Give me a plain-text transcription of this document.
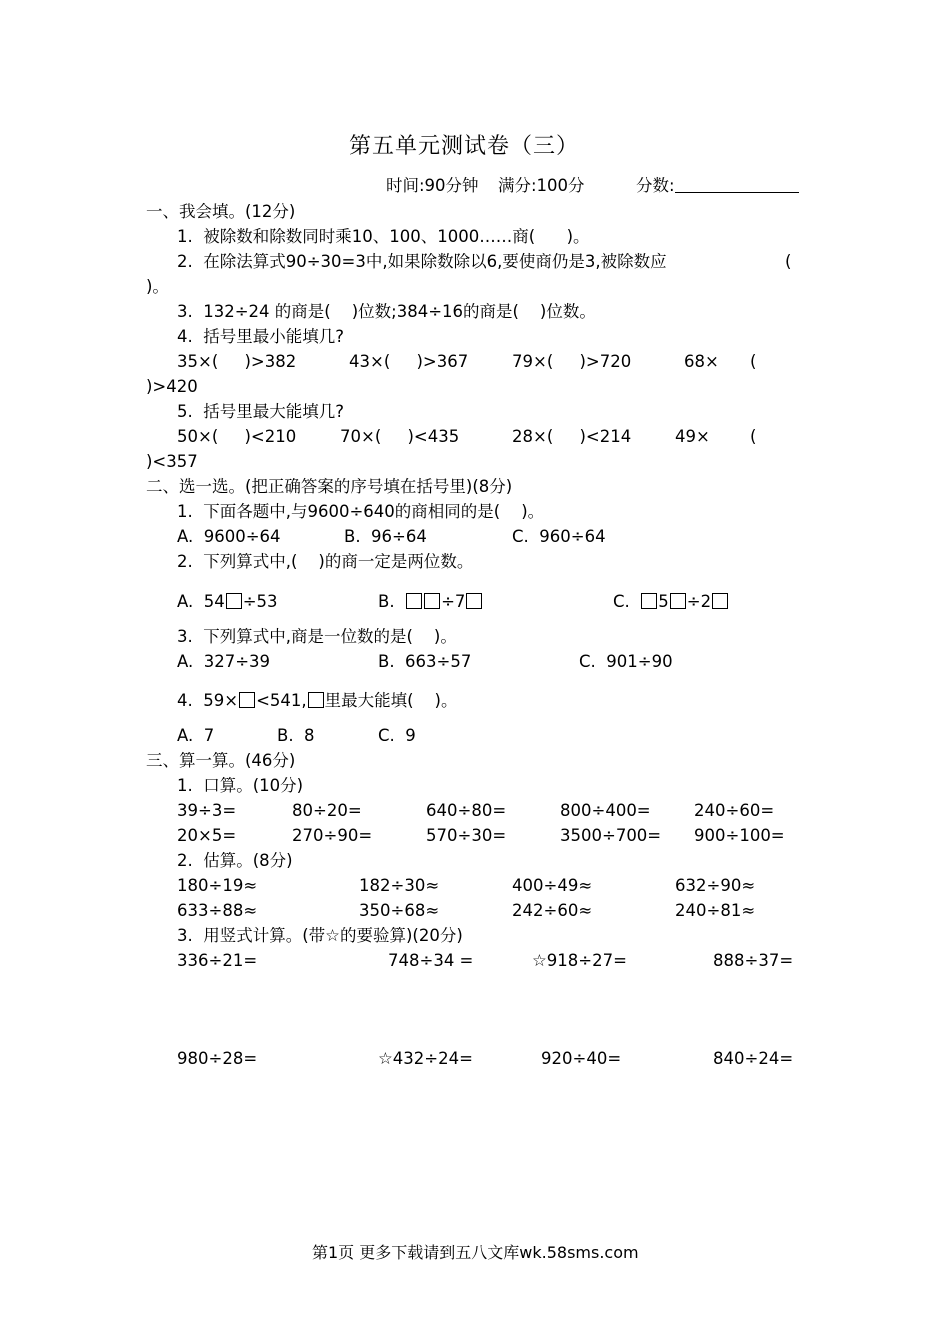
第五单元测试卷（三）
时间:90分钟 满分:100分	分数:
一、我会填。(12分)
1.  被除数和除数同时乘10、100、1000……商(      )。
2.  在除法算式90÷30=3中,如果除数除以6,要使商仍是3,被除数应	(
)。
3.  132÷24 的商是(    )位数;384÷16的商是(    )位数。
4.  括号里最小能填几?
35×(     )>382	43×(     )>367	79×(     )>720	68× (
)>420
5.  括号里最大能填几?
50×(     )<210	70×(     )<435	28×(     )<214	49× (
)<357
二、选一选。(把正确答案的序号填在括号里)(8分)
1.  下面各题中,与9600÷640的商相同的是(    )。
A.  9600÷64	B.  96÷64	C.  960÷64
2.  下列算式中,(    )的商一定是两位数。
A.  54 ÷53	B.	÷7	C. 5 ÷2
3.  下列算式中,商是一位数的是(    )。
A.  327÷39	B.  663÷57	C.  901÷90
4.  59× <541, 里最大能填(    )。
A.  7	B.  8	C.  9
三、算一算。(46分)
1.  口算。(10分)
39÷3=	80÷20=	640÷80=	800÷400=	240÷60=
20×5=	270÷90=	570÷30=	3500÷700= 900÷100=
2.  估算。(8分)
180÷19≈	182÷30≈	400÷49≈	632÷90≈
633÷88≈	350÷68≈	242÷60≈	240÷81≈
3.  用竖式计算。(带☆的要验算)(20分)
336÷21=	748÷34 =	☆918÷27=	888÷37=
980÷28=	☆432÷24=	920÷40=	840÷24=
第1页 更多下载请到五八文库wk.58sms.com
